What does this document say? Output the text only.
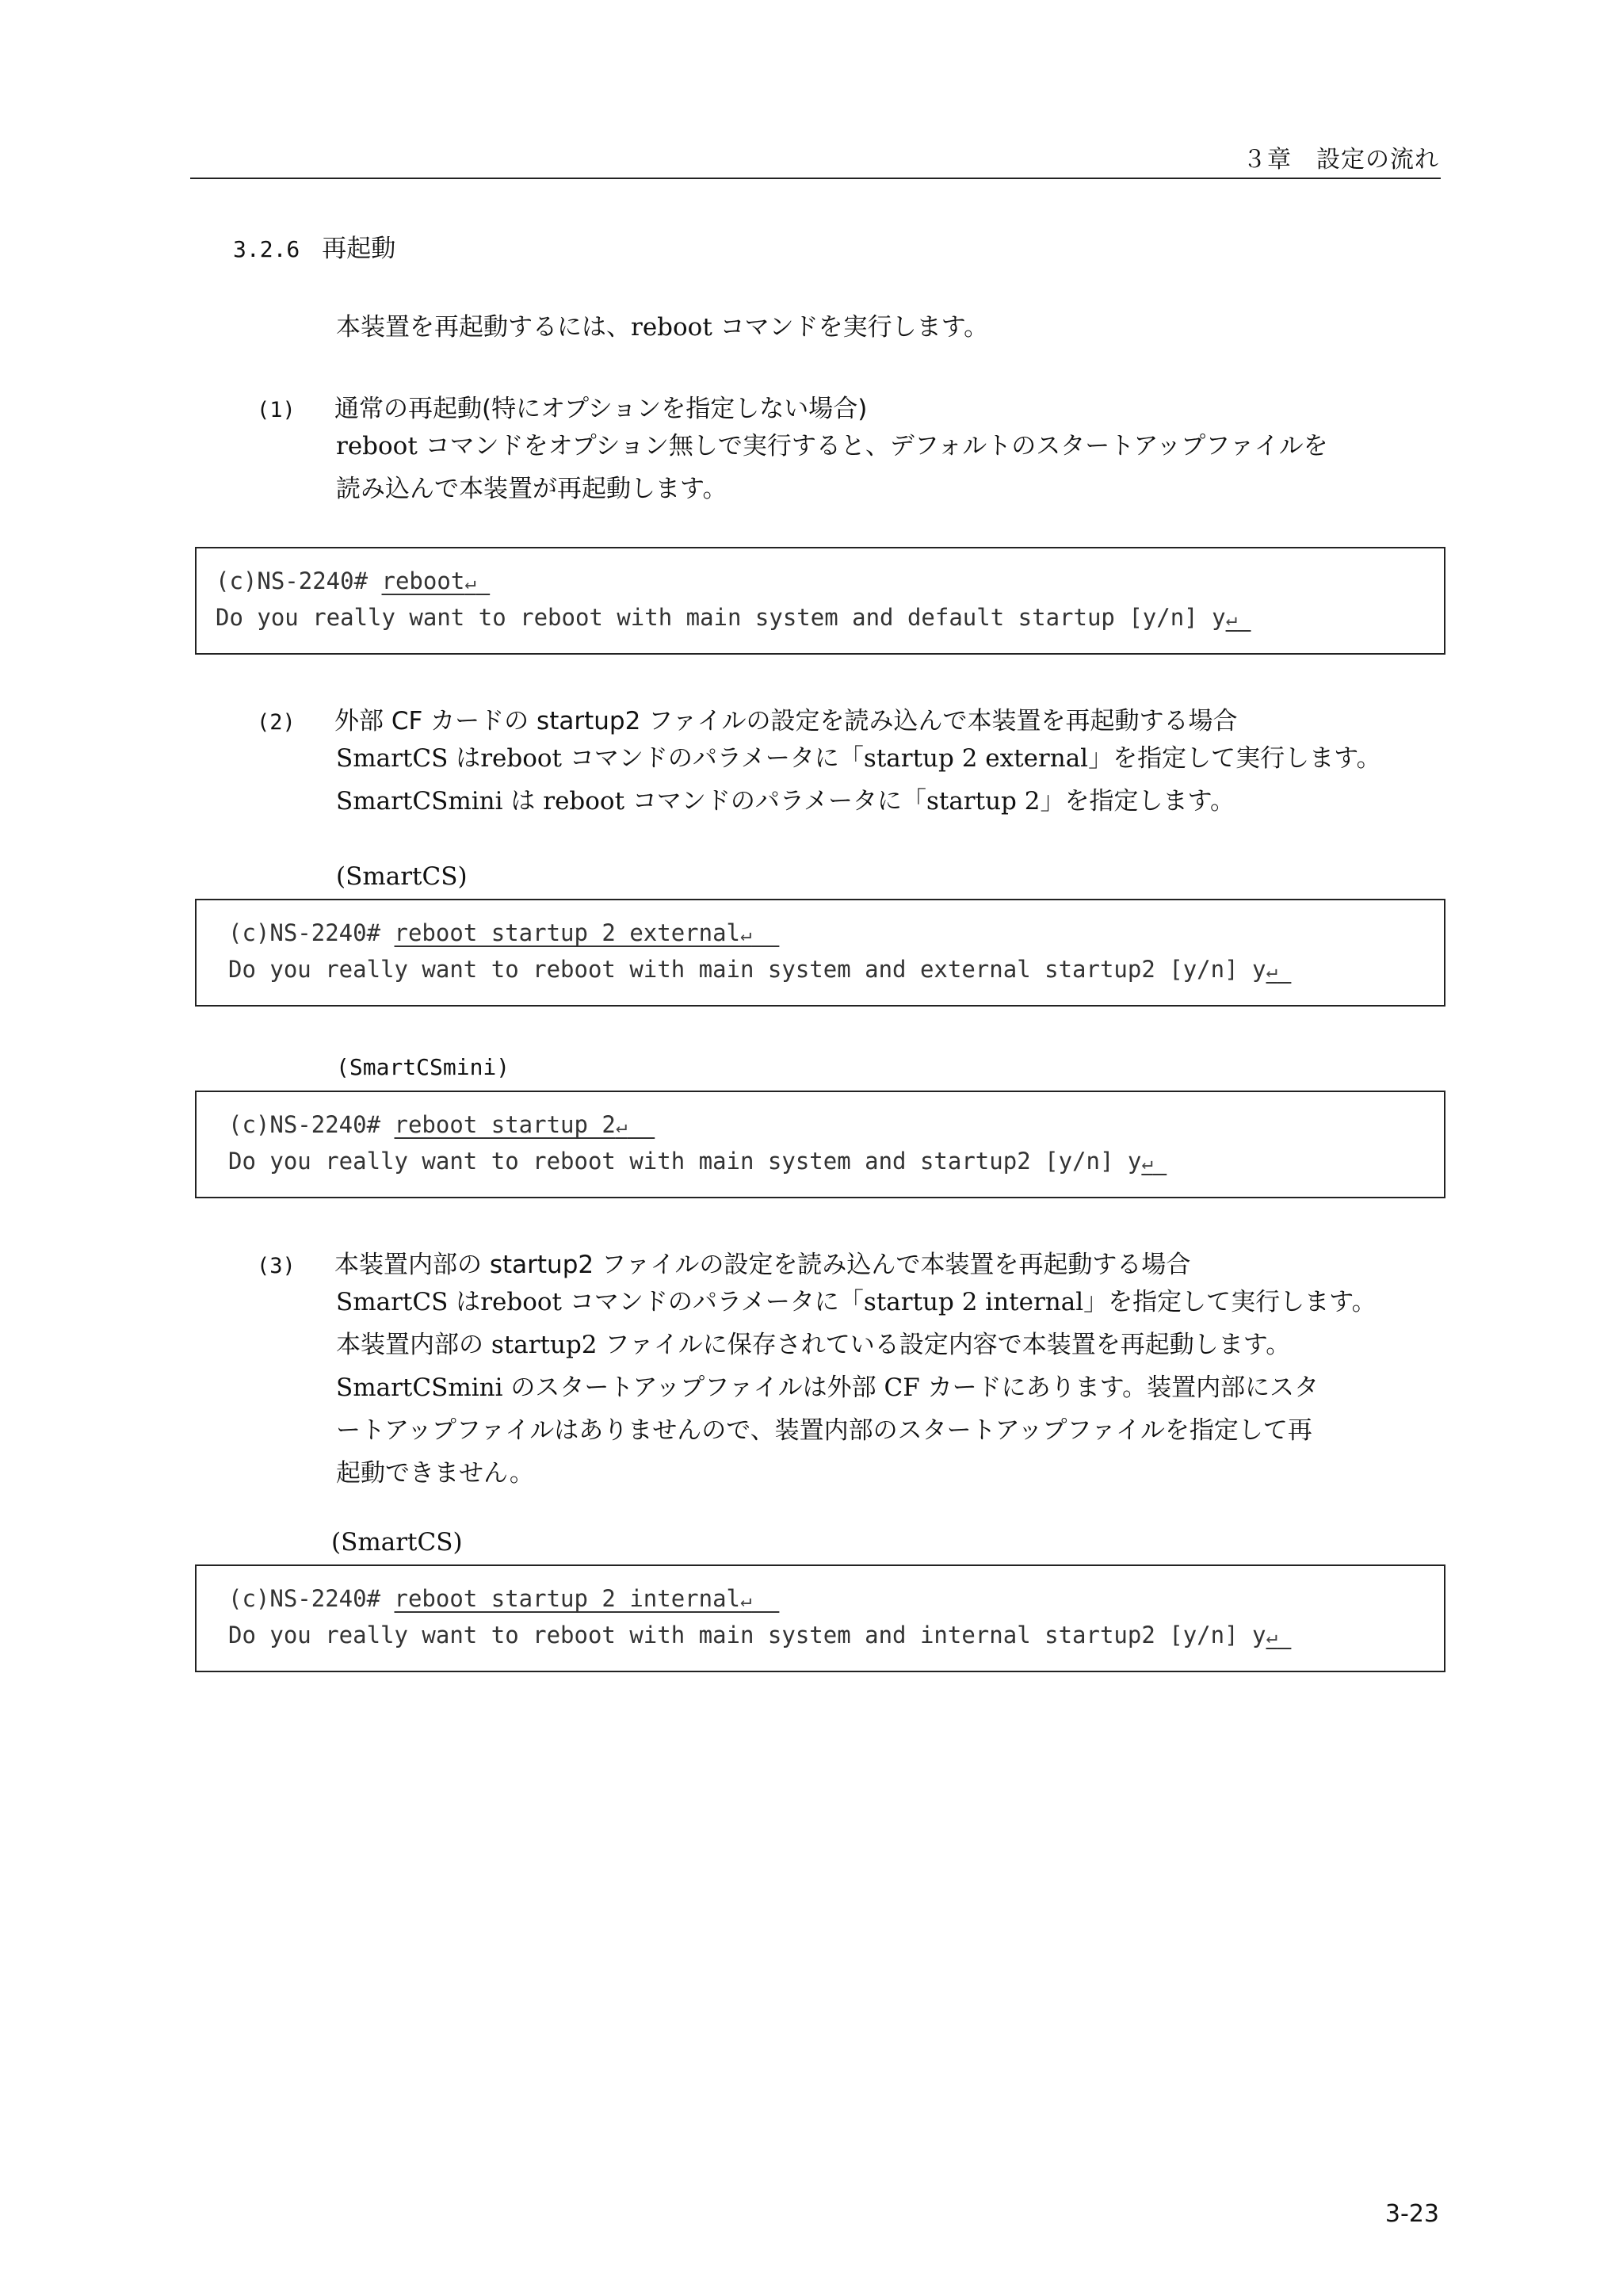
３章　設定の流れ
3.2.6 再起動
本装置を再起動するには、reboot コマンドを実行します。
(1) 通常の再起動(特にオプションを指定しない場合)
reboot コマンドをオプション無しで実行すると、デフォルトのスタートアップファイルを
読み込んで本装置が再起動します。
(c)NS-2240# reboot↵
Do you really want to reboot with main system and default startup [y/n] y↵
(2) 外部 CF カードの startup2 ファイルの設定を読み込んで本装置を再起動する場合
SmartCS はreboot コマンドのパラメータに「startup 2 external」を指定して実行します。
SmartCSmini は reboot コマンドのパラメータに「startup 2」を指定します。
(SmartCS)
(c)NS-2240# reboot startup 2 external↵
Do you really want to reboot with main system and external startup2 [y/n] y↵
(SmartCSmini)
(c)NS-2240# reboot startup 2↵
Do you really want to reboot with main system and startup2 [y/n] y↵
(3) 本装置内部の startup2 ファイルの設定を読み込んで本装置を再起動する場合
SmartCS はreboot コマンドのパラメータに「startup 2 internal」を指定して実行します。
本装置内部の startup2 ファイルに保存されている設定内容で本装置を再起動します。
SmartCSmini のスタートアップファイルは外部 CF カードにあります。装置内部にスタ
ートアップファイルはありませんので、装置内部のスタートアップファイルを指定して再
起動できません。
(SmartCS)
(c)NS-2240# reboot startup 2 internal↵
Do you really want to reboot with main system and internal startup2 [y/n] y↵
3-23
